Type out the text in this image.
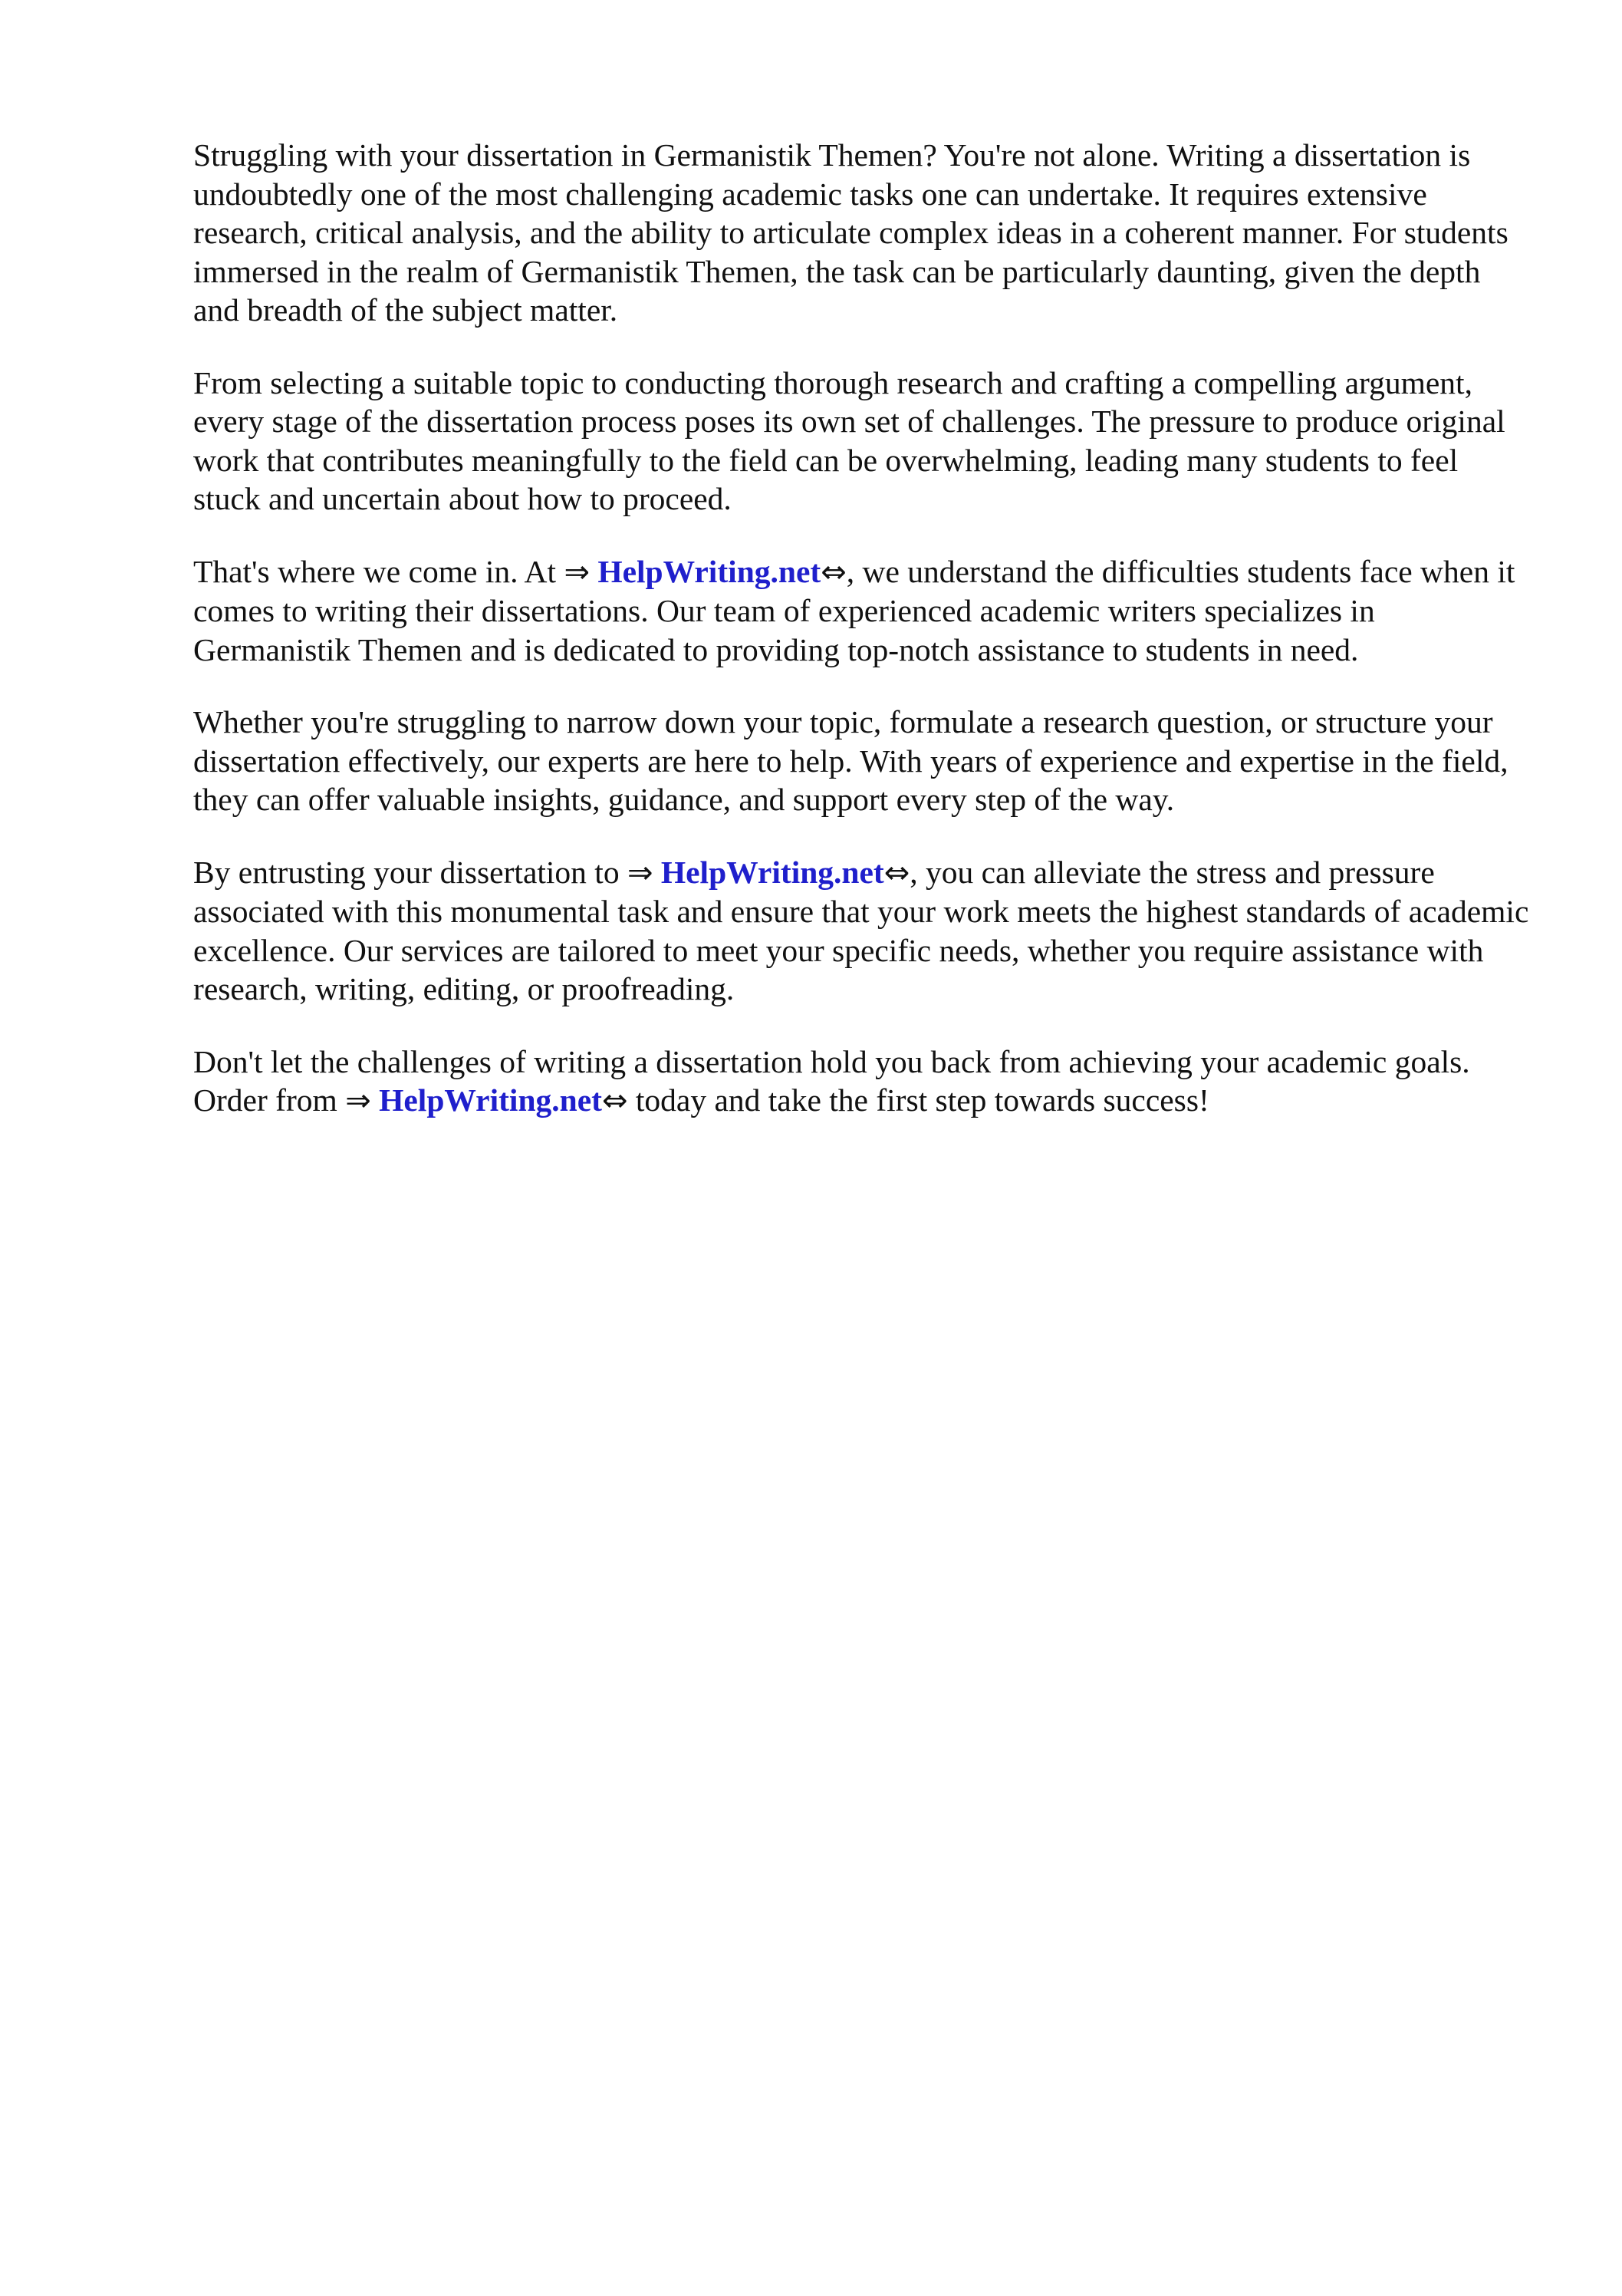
Struggling with your dissertation in Germanistik Themen? You're not alone. Writing a dissertation is undoubtedly one of the most challenging academic tasks one can undertake. It requires extensive research, critical analysis, and the ability to articulate complex ideas in a coherent manner. For students immersed in the realm of Germanistik Themen, the task can be particularly daunting, given the depth and breadth of the subject matter.

From selecting a suitable topic to conducting thorough research and crafting a compelling argument, every stage of the dissertation process poses its own set of challenges. The pressure to produce original work that contributes meaningfully to the field can be overwhelming, leading many students to feel stuck and uncertain about how to proceed.

That's where we come in. At ⇒ HelpWriting.net⇔, we understand the difficulties students face when it comes to writing their dissertations. Our team of experienced academic writers specializes in Germanistik Themen and is dedicated to providing top-notch assistance to students in need.

Whether you're struggling to narrow down your topic, formulate a research question, or structure your dissertation effectively, our experts are here to help. With years of experience and expertise in the field, they can offer valuable insights, guidance, and support every step of the way.

By entrusting your dissertation to ⇒ HelpWriting.net⇔, you can alleviate the stress and pressure associated with this monumental task and ensure that your work meets the highest standards of academic excellence. Our services are tailored to meet your specific needs, whether you require assistance with research, writing, editing, or proofreading.

Don't let the challenges of writing a dissertation hold you back from achieving your academic goals. Order from ⇒ HelpWriting.net⇔ today and take the first step towards success!
